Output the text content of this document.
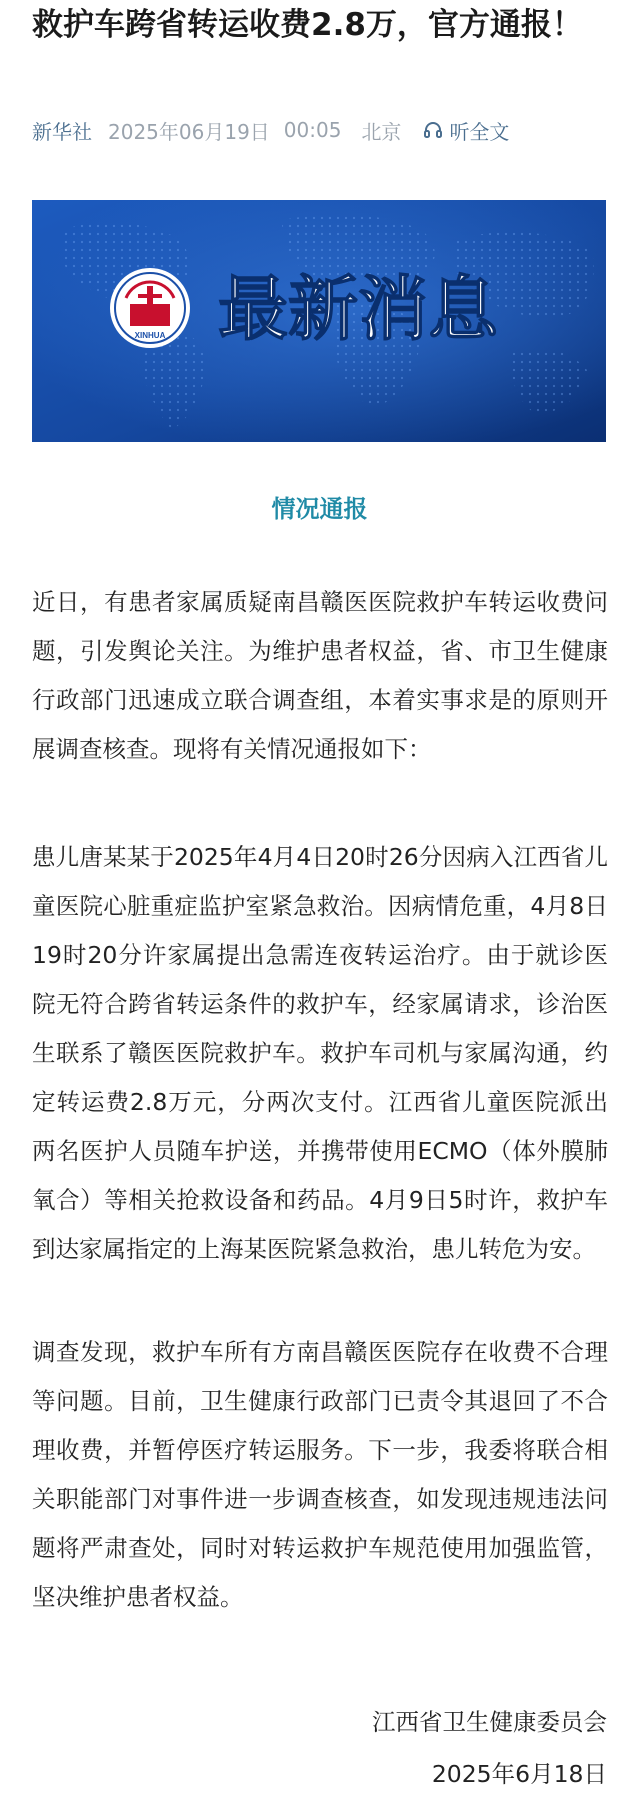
救护车跨省转运收费2.8万，官方通报！
新华社 2025年06月19日 00:05 北京 听全文
XINHUA 最新消息
情况通报

近日，有患者家属质疑南昌赣医医院救护车转运收费问题，引发舆论关注。为维护患者权益，省、市卫生健康行政部门迅速成立联合调查组，本着实事求是的原则开展调查核查。现将有关情况通报如下：

患儿唐某某于2025年4月4日20时26分因病入江西省儿童医院心脏重症监护室紧急救治。因病情危重，4月8日19时20分许家属提出急需连夜转运治疗。由于就诊医院无符合跨省转运条件的救护车，经家属请求，诊治医生联系了赣医医院救护车。救护车司机与家属沟通，约定转运费2.8万元，分两次支付。江西省儿童医院派出两名医护人员随车护送，并携带使用ECMO（体外膜肺氧合）等相关抢救设备和药品。4月9日5时许，救护车到达家属指定的上海某医院紧急救治，患儿转危为安。

调查发现，救护车所有方南昌赣医医院存在收费不合理等问题。目前，卫生健康行政部门已责令其退回了不合理收费，并暂停医疗转运服务。下一步，我委将联合相关职能部门对事件进一步调查核查，如发现违规违法问题将严肃查处，同时对转运救护车规范使用加强监管，坚决维护患者权益。

江西省卫生健康委员会
2025年6月18日
